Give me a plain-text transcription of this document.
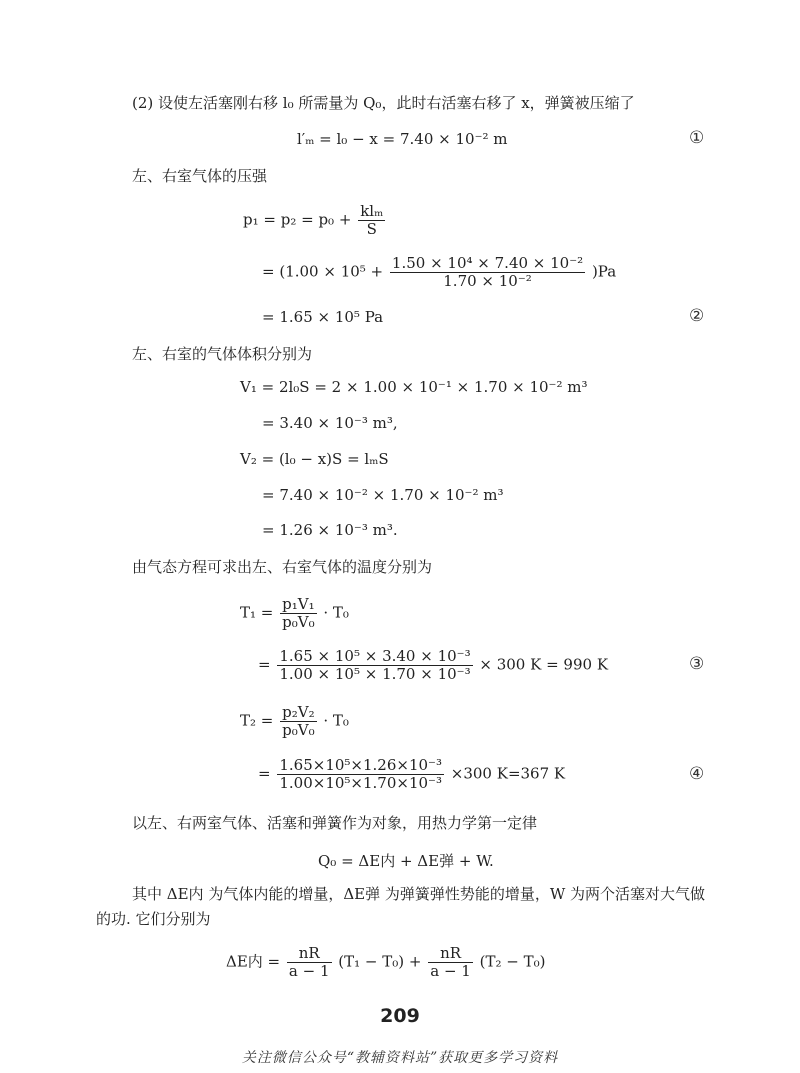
(2) 设使左活塞刚右移 l₀ 所需量为 Q₀，此时右活塞右移了 x，弹簧被压缩了
l′ₘ = l₀ − x = 7.40 × 10⁻² m	①
左、右室气体的压强
$p_1 = p_2 = p_0 + \frac{\text{klₘ}}{S}$
= $(1.00 \times 10^5 + \frac{\text{1.50 × 10⁴ × 7.40 × 10⁻²}}{\text{1.70 × 10⁻²}} )Pa$
= 1.65 × 10⁵ Pa	②
左、右室的气体体积分别为
V₁ = 2l₀S = 2 × 1.00 × 10⁻¹ × 1.70 × 10⁻² m³
= 3.40 × 10⁻³ m³,
V₂ = (l₀ − x)S = lₘS
= 7.40 × 10⁻² × 1.70 × 10⁻² m³
= 1.26 × 10⁻³ m³.
由气态方程可求出左、右室气体的温度分别为
$T_1 = \frac{\text{p₁V₁}}{\text{p₀V₀}} \cdot T_0$
= $\frac{\text{1.65 × 10⁵ × 3.40 × 10⁻³}}{\text{1.00 × 10⁵ × 1.70 × 10⁻³}} \times 300$ K = 990 K	③
$T_2 = \frac{\text{p₂V₂}}{\text{p₀V₀}} \cdot T_0$
= $\frac{\text{1.65×10⁵×1.26×10⁻³}}{\text{1.00×10⁵×1.70×10⁻³}} \times 300$ K=367 K	④
以左、右两室气体、活塞和弹簧作为对象，用热力学第一定律
Q₀ = ΔE内 + ΔE弹 + W.
其中 ΔE内 为气体内能的增量，ΔE弹 为弹簧弹性势能的增量，W 为两个活塞对大气做
的功. 它们分别为
ΔE内 = $\frac{nR}{a - 1} (T_1 - T_0) + \frac{nR}{a - 1} (T_2 - T_0)$
209
关注微信公众号“教辅资料站”获取更多学习资料
